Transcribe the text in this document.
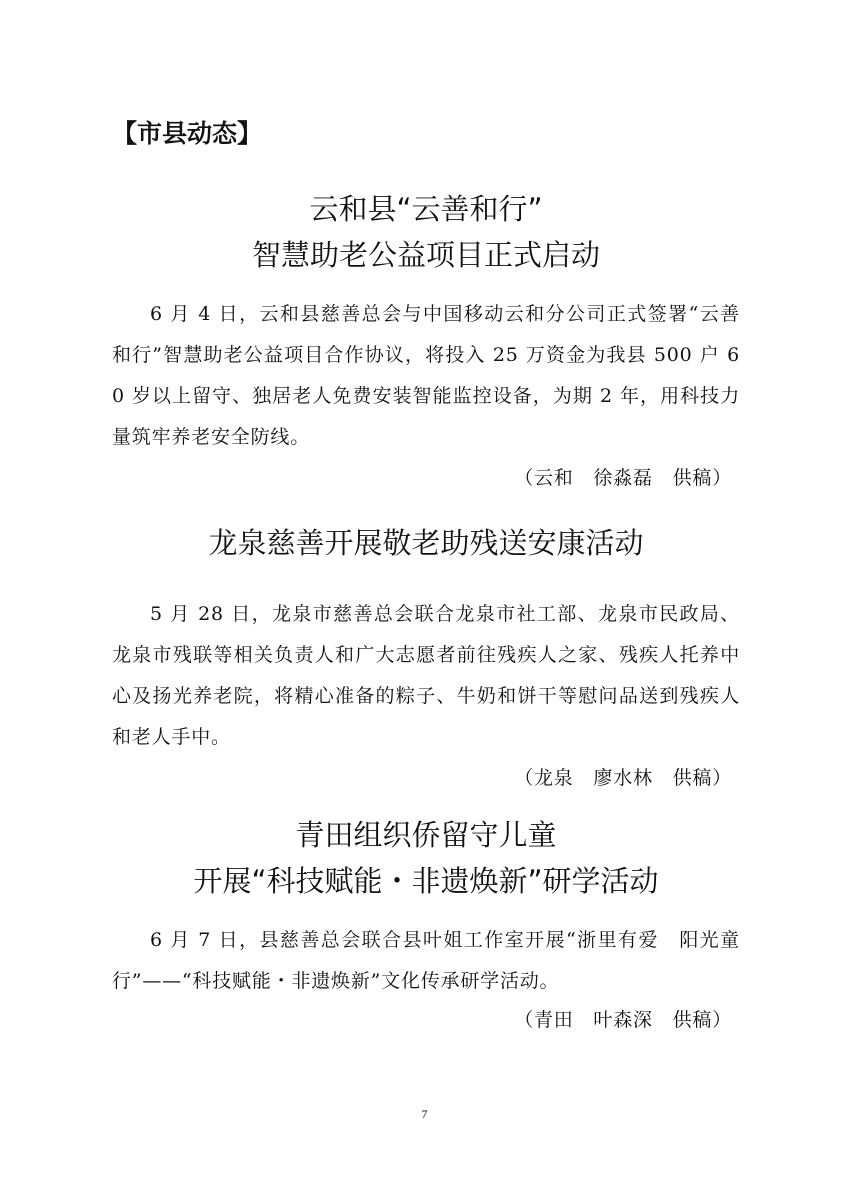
【市县动态】
云和县“云善和行”
智慧助老公益项目正式启动
6 月 4 日，云和县慈善总会与中国移动云和分公司正式签署“云善和行”智慧助老公益项目合作协议，将投入 25 万资金为我县 500 户 60 岁以上留守、独居老人免费安装智能监控设备，为期 2 年，用科技力量筑牢养老安全防线。
（云和　徐淼磊　供稿）
龙泉慈善开展敬老助残送安康活动
5 月 28 日，龙泉市慈善总会联合龙泉市社工部、龙泉市民政局、龙泉市残联等相关负责人和广大志愿者前往残疾人之家、残疾人托养中心及扬光养老院，将精心准备的粽子、牛奶和饼干等慰问品送到残疾人和老人手中。
（龙泉　廖水林　供稿）
青田组织侨留守儿童
开展“科技赋能・非遗焕新”研学活动
6 月 7 日，县慈善总会联合县叶姐工作室开展“浙里有爱　阳光童行”——“科技赋能・非遗焕新”文化传承研学活动。
（青田　叶森深　供稿）
7
